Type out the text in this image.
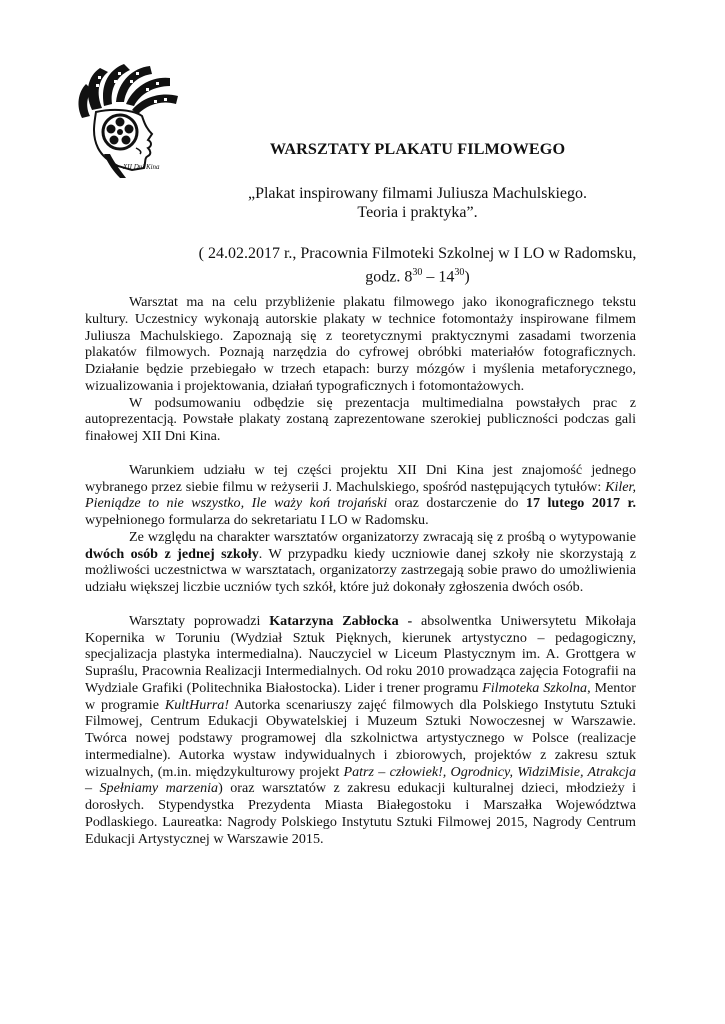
XII Dni Kina
WARSZTATY PLAKATU FILMOWEGO
„Plakat inspirowany filmami Juliusza Machulskiego.
Teoria i praktyka”.
( 24.02.2017 r., Pracownia Filmoteki Szkolnej w I LO w Radomsku,
godz. $8^{30} - 14^{30}$)

Warsztat ma na celu przybliżenie plakatu filmowego jako ikonograficznego tekstu kultury. Uczestnicy wykonają autorskie plakaty w technice fotomontaży inspirowane filmem Juliusza Machulskiego. Zapoznają się z teoretycznymi praktycznymi zasadami tworzenia plakatów filmowych. Poznają narzędzia do cyfrowej obróbki materiałów fotograficznych. Działanie będzie przebiegało w trzech etapach: burzy mózgów i myślenia metaforycznego, wizualizowania i projektowania, działań typograficznych i fotomontażowych.

W podsumowaniu odbędzie się prezentacja multimedialna powstałych prac z autoprezentacją. Powstałe plakaty zostaną zaprezentowane szerokiej publiczności podczas gali finałowej XII Dni Kina.

Warunkiem udziału w tej części projektu XII Dni Kina jest znajomość jednego wybranego przez siebie filmu w reżyserii J. Machulskiego, spośród następujących tytułów: Kiler, Pieniądze to nie wszystko, Ile waży koń trojański oraz dostarczenie do 17 lutego 2017 r. wypełnionego formularza do sekretariatu I LO w Radomsku.

Ze względu na charakter warsztatów organizatorzy zwracają się z prośbą o wytypowanie dwóch osób z jednej szkoły. W przypadku kiedy uczniowie danej szkoły nie skorzystają z możliwości uczestnictwa w warsztatach, organizatorzy zastrzegają sobie prawo do umożliwienia udziału większej liczbie uczniów tych szkół, które już dokonały zgłoszenia dwóch osób.

Warsztaty poprowadzi Katarzyna Zabłocka - absolwentka Uniwersytetu Mikołaja Kopernika w Toruniu (Wydział Sztuk Pięknych, kierunek artystyczno – pedagogiczny, specjalizacja plastyka intermedialna). Nauczyciel w Liceum Plastycznym im. A. Grottgera w Supraślu, Pracownia Realizacji Intermedialnych. Od roku 2010 prowadząca zajęcia Fotografii na Wydziale Grafiki (Politechnika Białostocka). Lider i trener programu Filmoteka Szkolna, Mentor w programie KultHurra! Autorka scenariuszy zajęć filmowych dla Polskiego Instytutu Sztuki Filmowej, Centrum Edukacji Obywatelskiej i Muzeum Sztuki Nowoczesnej w Warszawie. Twórca nowej podstawy programowej dla szkolnictwa artystycznego w Polsce (realizacje intermedialne). Autorka wystaw indywidualnych i zbiorowych, projektów z zakresu sztuk wizualnych, (m.in. międzykulturowy projekt Patrz – człowiek!, Ogrodnicy, WidziMisie, Atrakcja – Spełniamy marzenia) oraz warsztatów z zakresu edukacji kulturalnej dzieci, młodzieży i dorosłych. Stypendystka Prezydenta Miasta Białegostoku i Marszałka Województwa Podlaskiego. Laureatka: Nagrody Polskiego Instytutu Sztuki Filmowej 2015, Nagrody Centrum Edukacji Artystycznej w Warszawie 2015.
